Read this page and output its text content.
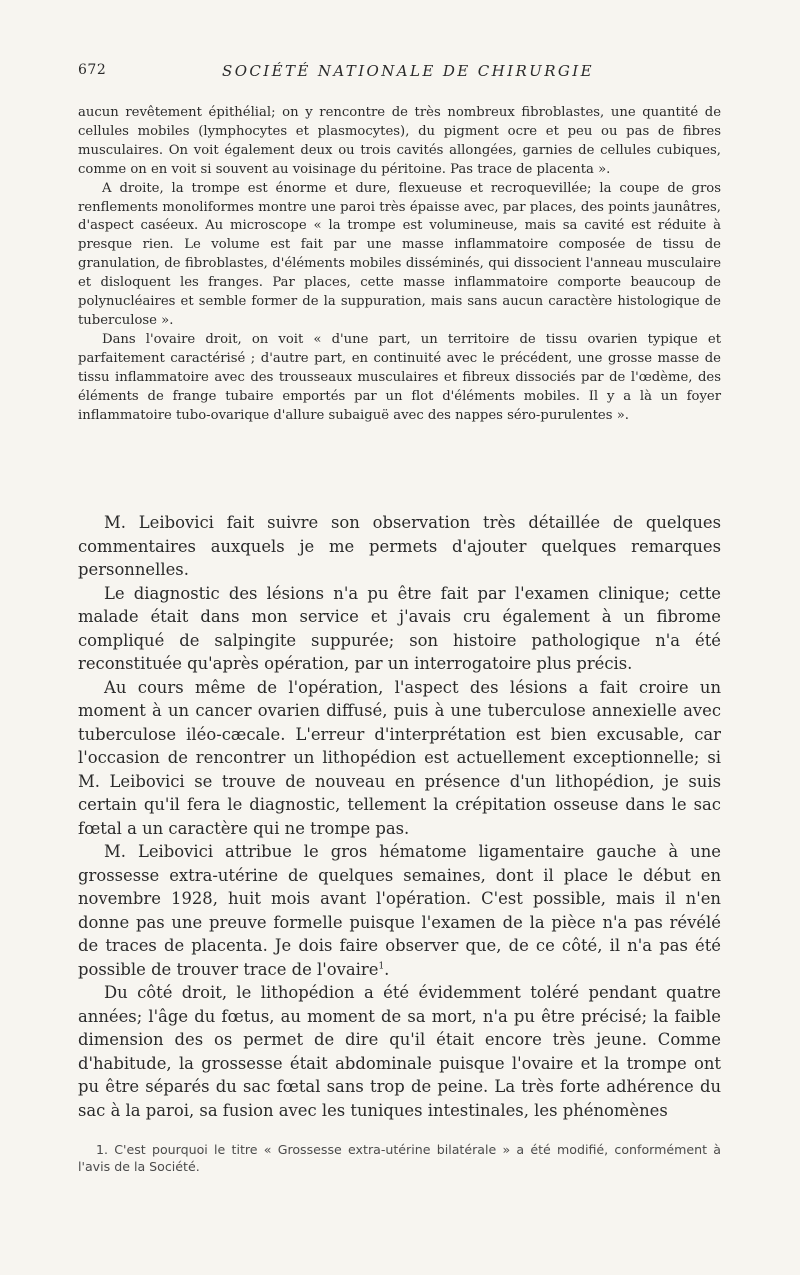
672	SOCIÉTÉ NATIONALE DE CHIRURGIE

aucun revêtement épithélial; on y rencontre de très nombreux fibroblastes, une quantité de cellules mobiles (lymphocytes et plasmocytes), du pigment ocre et peu ou pas de fibres musculaires. On voit également deux ou trois cavités allongées, garnies de cellules cubiques, comme on en voit si souvent au voisinage du péritoine. Pas trace de placenta ».

A droite, la trompe est énorme et dure, flexueuse et recroquevillée; la coupe de gros renflements monoliformes montre une paroi très épaisse avec, par places, des points jaunâtres, d'aspect caséeux. Au microscope « la trompe est volumineuse, mais sa cavité est réduite à presque rien. Le volume est fait par une masse inflammatoire composée de tissu de granulation, de fibroblastes, d'éléments mobiles disséminés, qui dissocient l'anneau musculaire et disloquent les franges. Par places, cette masse inflammatoire comporte beaucoup de polynucléaires et semble former de la suppuration, mais sans aucun caractère histologique de tuberculose ».

Dans l'ovaire droit, on voit « d'une part, un territoire de tissu ovarien typique et parfaitement caractérisé ; d'autre part, en continuité avec le précédent, une grosse masse de tissu inflammatoire avec des trousseaux musculaires et fibreux dissociés par de l'œdème, des éléments de frange tubaire emportés par un flot d'éléments mobiles. Il y a là un foyer inflammatoire tubo-ovarique d'allure subaiguë avec des nappes séro-purulentes ».

M. Leibovici fait suivre son observation très détaillée de quelques commentaires auxquels je me permets d'ajouter quelques remarques personnelles.

Le diagnostic des lésions n'a pu être fait par l'examen clinique; cette malade était dans mon service et j'avais cru également à un fibrome compliqué de salpingite suppurée; son histoire pathologique n'a été reconstituée qu'après opération, par un interrogatoire plus précis.

Au cours même de l'opération, l'aspect des lésions a fait croire un moment à un cancer ovarien diffusé, puis à une tuberculose annexielle avec tuberculose iléo-cæcale. L'erreur d'interprétation est bien excusable, car l'occasion de rencontrer un lithopédion est actuellement exceptionnelle; si M. Leibovici se trouve de nouveau en présence d'un lithopédion, je suis certain qu'il fera le diagnostic, tellement la crépitation osseuse dans le sac fœtal a un caractère qui ne trompe pas.

M. Leibovici attribue le gros hématome ligamentaire gauche à une grossesse extra-utérine de quelques semaines, dont il place le début en novembre 1928, huit mois avant l'opération. C'est possible, mais il n'en donne pas une preuve formelle puisque l'examen de la pièce n'a pas révélé de traces de placenta. Je dois faire observer que, de ce côté, il n'a pas été possible de trouver trace de l'ovaire$^1$.

Du côté droit, le lithopédion a été évidemment toléré pendant quatre années; l'âge du fœtus, au moment de sa mort, n'a pu être précisé; la faible dimension des os permet de dire qu'il était encore très jeune. Comme d'habitude, la grossesse était abdominale puisque l'ovaire et la trompe ont pu être séparés du sac fœtal sans trop de peine. La très forte adhérence du sac à la paroi, sa fusion avec les tuniques intestinales, les phénomènes

1. C'est pourquoi le titre « Grossesse extra-utérine bilatérale » a été modifié, conformément à l'avis de la Société.
